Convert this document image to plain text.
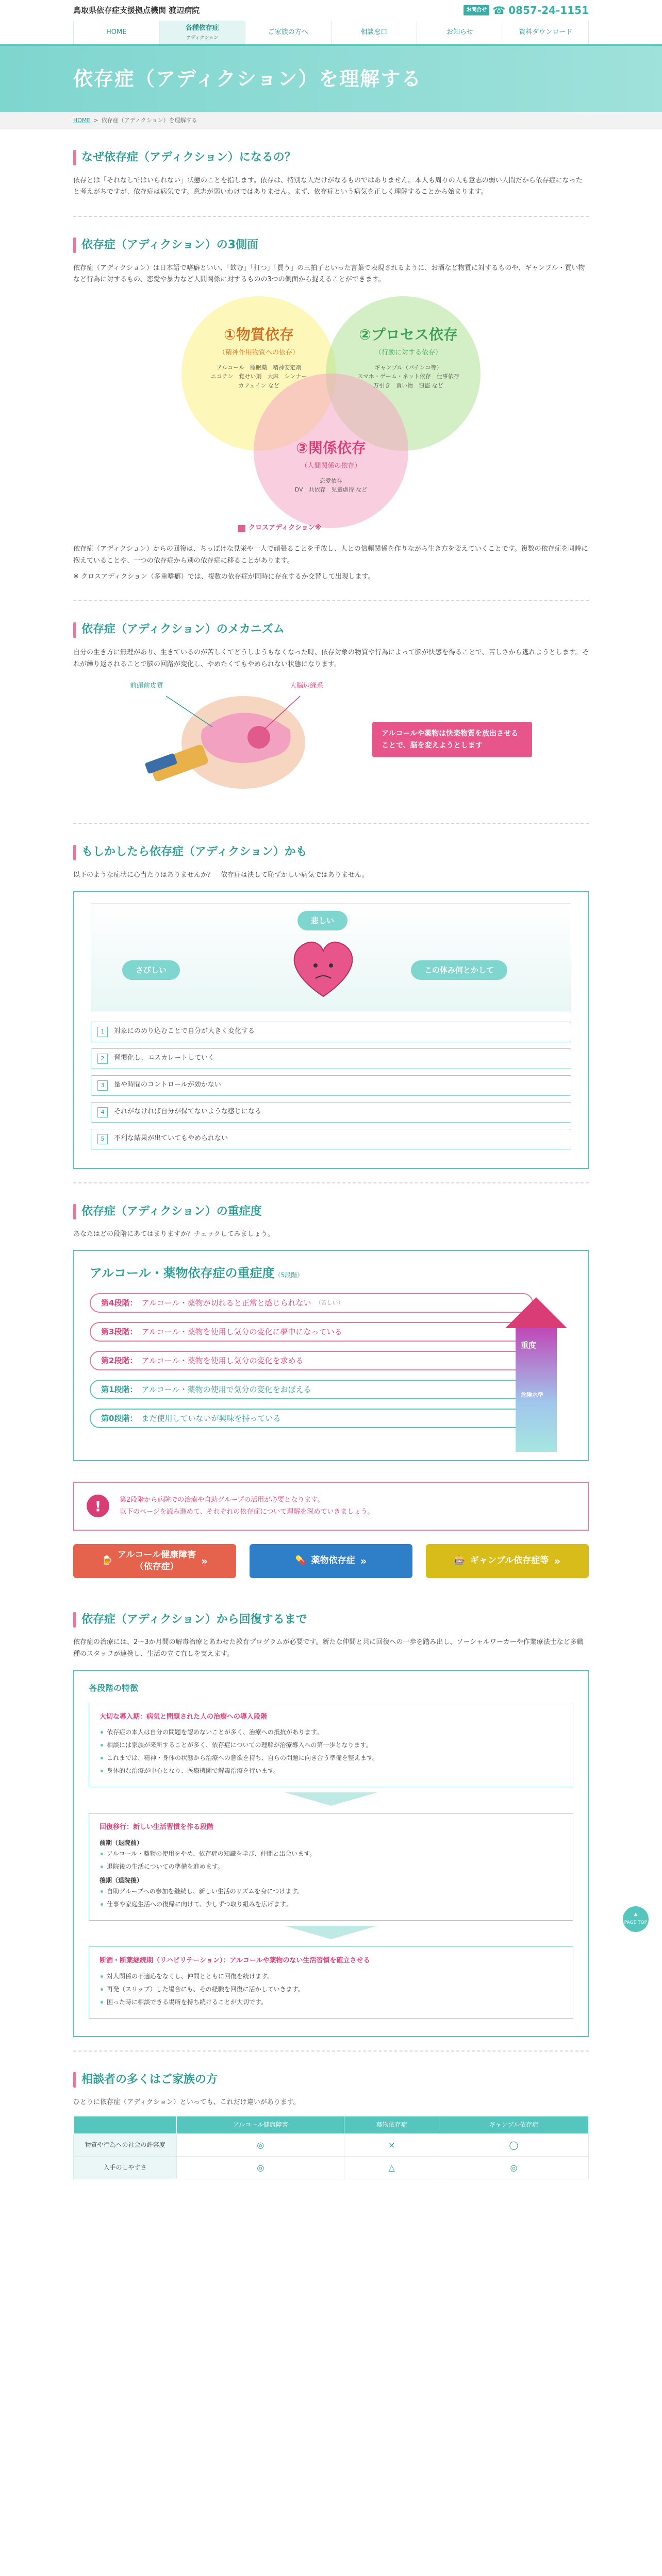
鳥取県依存症支援拠点機関 渡辺病院	お問合せ ☎ 0857-24-1151
HOME
各種依存症
アディクション
ご家族の方へ	相談窓口	お知らせ	資料ダウンロード
依存症（アディクション）を理解する
HOME > 依存症（アディクション）を理解する
なぜ依存症（アディクション）になるの？

依存とは「それなしではいられない」状態のことを指します。依存は、特別な人だけがなるものではありません。本人も周りの人も意志の弱い人間だから依存症になったと考えがちですが、依存症は病気です。意志が弱いわけではありません。まず、依存症という病気を正しく理解することから始まります。

依存症（アディクション）の3側面

依存症（アディクション）は日本語で嗜癖といい、「飲む」「打つ」「買う」の三拍子といった言葉で表現されるように、お酒など物質に対するものや、ギャンブル・買い物など行為に対するもの、恋愛や暴力など人間関係に対するものの3つの側面から捉えることができます。

①物質依存
（精神作用物質への依存）
アルコール　睡眠薬　精神安定剤
ニコチン　覚せい剤　大麻　シンナー
カフェイン など
②プロセス依存
（行動に対する依存）
ギャンブル（パチンコ等）
スマホ・ゲーム・ネット依存　仕事依存
万引き　買い物　窃盗 など
③関係依存
（人間関係の依存）
恋愛依存
DV　共依存　児童虐待 など
クロスアディクション※

依存症（アディクション）からの回復は、ちっぽけな見栄や一人で頑張ることを手放し、人との信頼関係を作りながら生き方を変えていくことです。複数の依存症を同時に抱えていることや、一つの依存症から別の依存症に移ることがあります。

※ クロスアディクション（多重嗜癖）では、複数の依存症が同時に存在するか交替して出現します。

依存症（アディクション）のメカニズム

自分の生き方に無理があり、生きているのが苦しくてどうしようもなくなった時、依存対象の物質や行為によって脳が快感を得ることで、苦しさから逃れようとします。それが繰り返されることで脳の回路が変化し、やめたくてもやめられない状態になります。

前頭前皮質	大脳辺縁系
アルコールや薬物は快楽物質を放出させることで、脳を変えようとします
もしかしたら依存症（アディクション）かも

以下のような症状に心当たりはありませんか？　依存症は決して恥ずかしい病気ではありません。

悲しい
さびしい	この体み何とかして
1	対象にのめり込むことで自分が大きく変化する
2	習慣化し、エスカレートしていく
3	量や時間のコントロールが効かない
4	それがなければ自分が保てないような感じになる
5	不利な結果が出ていてもやめられない
依存症（アディクション）の重症度

あなたはどの段階にあてはまりますか？チェックしてみましょう。

アルコール・薬物依存症の重症度（5段階）
第4段階： アルコール・薬物が切れると正常と感じられない （苦しい）
第3段階： アルコール・薬物を使用し気分の変化に夢中になっている
第2段階： アルコール・薬物を使用し気分の変化を求める
第1段階： アルコール・薬物の使用で気分の変化をおぼえる
第0段階： まだ使用していないが興味を持っている
重度
危険水準
!	第2段階から病院での治療や自助グループの活用が必要となります。
以下のページを読み進めて、それぞれの依存症について理解を深めていきましょう。
🍺
アルコール健康障害
（依存症）	»	💊 薬物依存症 »	🎰 ギャンブル依存症等 »
依存症（アディクション）から回復するまで

依存症の治療には、2〜3か月間の解毒治療とあわせた教育プログラムが必要です。新たな仲間と共に回復への一歩を踏み出し、ソーシャルワーカーや作業療法士など多職種のスタッフが連携し、生活の立て直しを支えます。

各段階の特徴
大切な導入期：病気と問題された人の治療への導入段階
依存症の本人は自分の問題を認めないことが多く、治療への抵抗があります。
相談には家族が来所することが多く、依存症についての理解が治療導入への第一歩となります。
これまでは、精神・身体の状態から治療への意欲を持ち、自らの問題に向き合う準備を整えます。
身体的な治療が中心となり、医療機関で解毒治療を行います。
回復移行：新しい生活習慣を作る段階
前期（退院前）
アルコール・薬物の使用をやめ、依存症の知識を学び、仲間と出会います。
退院後の生活についての準備を進めます。
後期（退院後）
自助グループへの参加を継続し、新しい生活のリズムを身につけます。
仕事や家庭生活への復帰に向けて、少しずつ取り組みを広げます。
断酒・断薬継続期（リハビリテーション）：アルコールや薬物のない生活習慣を確立させる
対人関係の不適応をなくし、仲間とともに回復を続けます。
再発（スリップ）した場合にも、その経験を回復に活かしていきます。
困った時に相談できる場所を持ち続けることが大切です。
相談者の多くはご家族の方

ひとりに依存症（アディクション）といっても、これだけ違いがあります。

	アルコール健康障害	薬物依存症	ギャンブル依存症
物質や行為への社会の許容度	◎	×	◯
入手のしやすさ	◎	△	◎
▲
PAGE TOP
